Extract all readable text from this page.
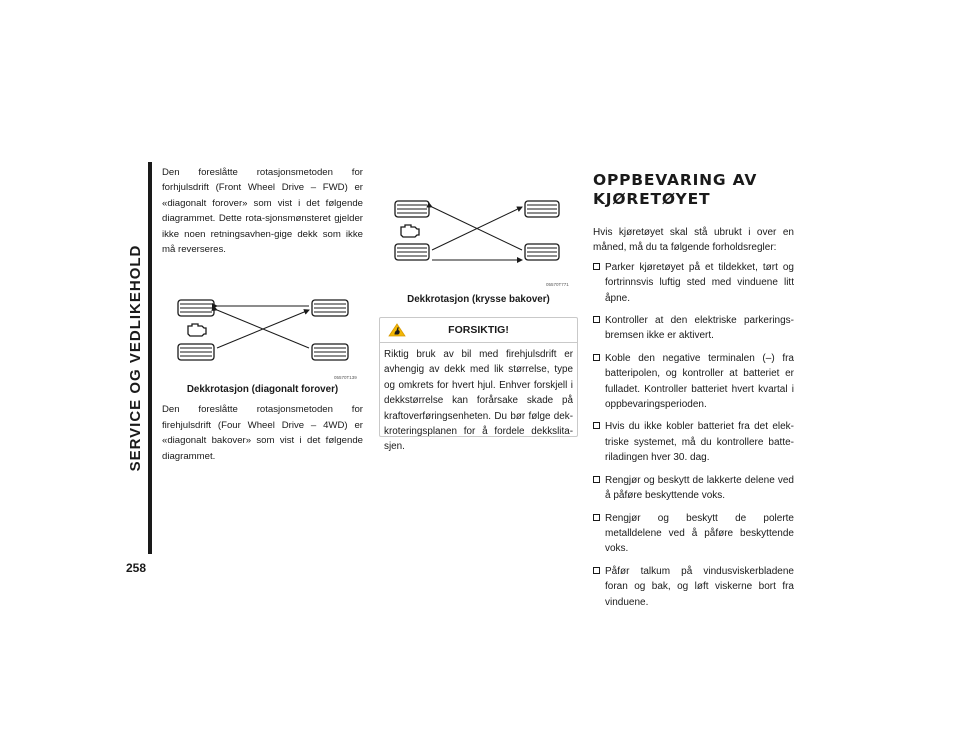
SERVICE OG VEDLIKEHOLD
258

Den foreslåtte rotasjonsmetoden for forhjulsdrift (Front Wheel Drive – FWD) er «diagonalt forover» som vist i det følgende diagrammet. Dette rota-sjonsmønsteret gjelder ikke noen retningsavhen-gige dekk som ikke må reverseres.

05570T139

Dekkrotasjon (diagonalt forover)

Den foreslåtte rotasjonsmetoden for firehjulsdrift (Four Wheel Drive – 4WD) er «diagonalt bakover» som vist i det følgende diagrammet.

05570T771

Dekkrotasjon (krysse bakover)

FORSIKTIG!
Riktig bruk av bil med firehjulsdrift er avhengig av dekk med lik størrelse, type og omkrets for hvert hjul. Enhver forskjell i dekkstørrelse kan forårsake skade på kraftoverføringsenheten. Du bør følge dek-kroteringsplanen for å fordele dekkslita-sjen.
OPPBEVARING AV
KJØRETØYET

Hvis kjøretøyet skal stå ubrukt i over en måned, må du ta følgende forholdsregler:

Parker kjøretøyet på et tildekket, tørt og fortrinnsvis luftig sted med vinduene litt åpne.
Kontroller at den elektriske parkerings-bremsen ikke er aktivert.
Koble den negative terminalen (–) fra batteripolen, og kontroller at batteriet er fulladet. Kontroller batteriet hvert kvartal i oppbevaringsperioden.
Hvis du ikke kobler batteriet fra det elek-triske systemet, må du kontrollere batte-riladingen hver 30. dag.
Rengjør og beskytt de lakkerte delene ved å påføre beskyttende voks.
Rengjør og beskytt de polerte metalldelene ved å påføre beskyttende voks.
Påfør talkum på vindusviskerbladene foran og bak, og løft viskerne bort fra vinduene.
